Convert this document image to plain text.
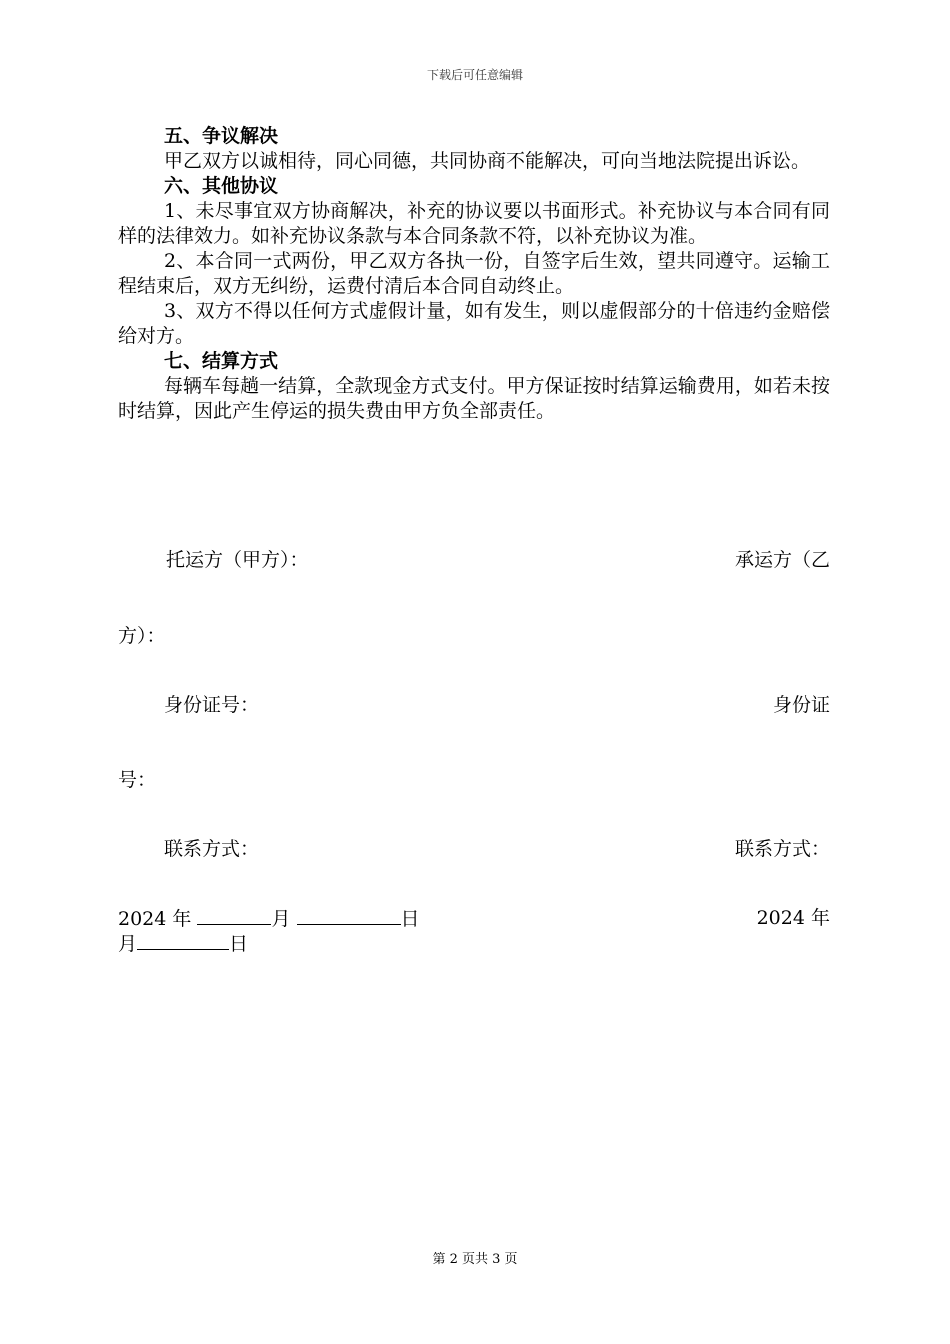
下载后可任意编辑
五、争议解决

甲乙双方以诚相待，同心同德，共同协商不能解决，可向当地法院提出诉讼。

六、其他协议

1、未尽事宜双方协商解决，补充的协议要以书面形式。补充协议与本合同有同样的法律效力。如补充协议条款与本合同条款不符，以补充协议为准。

2、本合同一式两份，甲乙双方各执一份，自签字后生效，望共同遵守。运输工程结束后，双方无纠纷，运费付清后本合同自动终止。

3、双方不得以任何方式虚假计量，如有发生，则以虚假部分的十倍违约金赔偿给对方。

七、结算方式

每辆车每趟一结算，全款现金方式支付。甲方保证按时结算运输费用，如若未按时结算，因此产生停运的损失费由甲方负全部责任。

托运方（甲方）：	承运方（乙
方）：
身份证号：	身份证
号：
联系方式：	联系方式：
2024 年	月	日	2024 年
月	日
第 2 页共 3 页
